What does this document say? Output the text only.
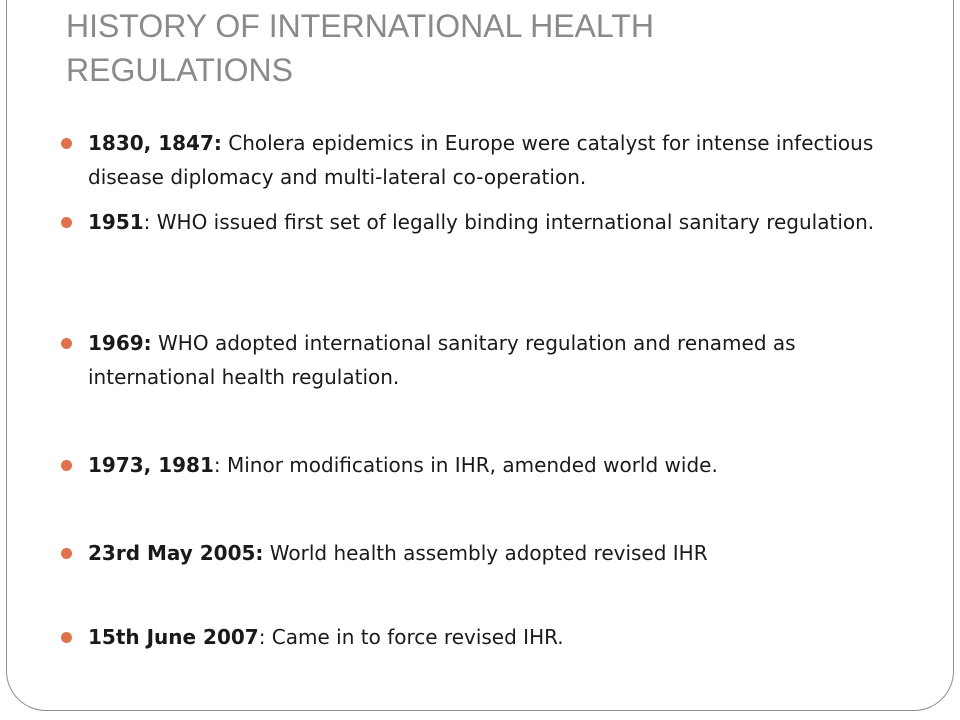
HISTORY OF INTERNATIONAL HEALTH REGULATIONS
1830, 1847: Cholera epidemics in Europe were catalyst for intense infectious disease diplomacy and multi-lateral co-operation.
1951: WHO issued first set of legally binding international sanitary regulation.
1969: WHO adopted international sanitary regulation and renamed as international health regulation.
1973, 1981: Minor modifications in IHR, amended world wide.
23rd May 2005: World health assembly adopted revised IHR
15th June 2007: Came in to force revised IHR.
